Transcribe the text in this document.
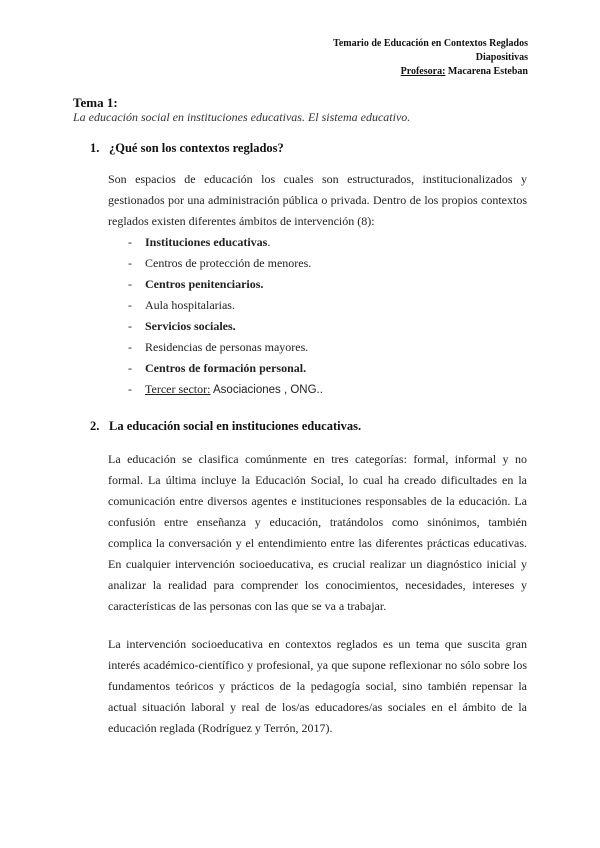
Temario de Educación en Contextos Reglados
Diapositivas
Profesora: Macarena Esteban
Tema 1:
La educación social en instituciones educativas. El sistema educativo.
1. ¿Qué son los contextos reglados?
Son espacios de educación los cuales son estructurados, institucionalizados y gestionados por una administración pública o privada. Dentro de los propios contextos reglados existen diferentes ámbitos de intervención (8):
- Instituciones educativas.
- Centros de protección de menores.
- Centros penitenciarios.
- Aula hospitalarias.
- Servicios sociales.
- Residencias de personas mayores.
- Centros de formación personal.
- Tercer sector: Asociaciones , ONG..
2. La educación social en instituciones educativas.
La educación se clasifica comúnmente en tres categorías: formal, informal y no formal. La última incluye la Educación Social, lo cual ha creado dificultades en la comunicación entre diversos agentes e instituciones responsables de la educación. La confusión entre enseñanza y educación, tratándolos como sinónimos, también complica la conversación y el entendimiento entre las diferentes prácticas educativas. En cualquier intervención socioeducativa, es crucial realizar un diagnóstico inicial y analizar la realidad para comprender los conocimientos, necesidades, intereses y características de las personas con las que se va a trabajar.
La intervención socioeducativa en contextos reglados es un tema que suscita gran interés académico-científico y profesional, ya que supone reflexionar no sólo sobre los fundamentos teóricos y prácticos de la pedagogía social, sino también repensar la actual situación laboral y real de los/as educadores/as sociales en el ámbito de la educación reglada (Rodríguez y Terrón, 2017).
